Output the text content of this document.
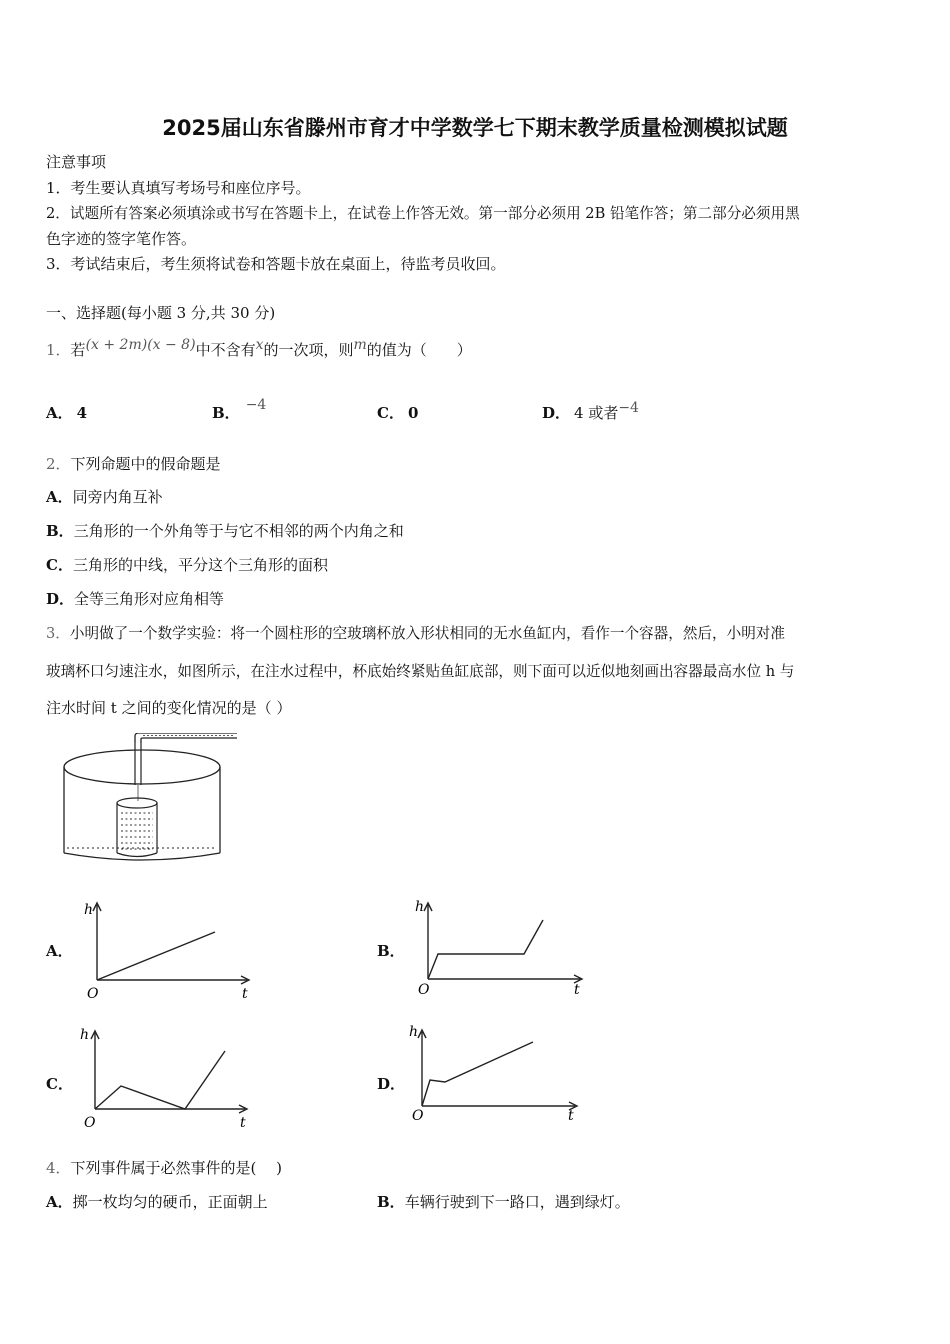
2025届山东省滕州市育才中学数学七下期末教学质量检测模拟试题
注意事项
1．考生要认真填写考场号和座位序号。
2．试题所有答案必须填涂或书写在答题卡上，在试卷上作答无效。第一部分必须用 2B 铅笔作答；第二部分必须用黑
色字迹的签字笔作答。
3．考试结束后，考生须将试卷和答题卡放在桌面上，待监考员收回。
一、选择题(每小题 3 分,共 30 分)
1．若(x + 2m)(x − 8)中不含有x的一次项，则m的值为（　　）
A． 4	B． −4	C． 0	D． 4 或者−4
2．下列命题中的假命题是
A．同旁内角互补
B．三角形的一个外角等于与它不相邻的两个内角之和
C．三角形的中线，平分这个三角形的面积
D．全等三角形对应角相等
3．小明做了一个数学实验：将一个圆柱形的空玻璃杯放入形状相同的无水鱼缸内，看作一个容器，然后，小明对准
玻璃杯口匀速注水，如图所示，在注水过程中，杯底始终紧贴鱼缸底部，则下面可以近似地刻画出容器最高水位 h 与
注水时间 t 之间的变化情况的是（ ）
A．	B．
C．	D．
h
t
O
h
t
O
h
t
O
h
t
O
4．下列事件属于必然事件的是(　 )
A．掷一枚均匀的硬币，正面朝上	B．车辆行驶到下一路口，遇到绿灯。
